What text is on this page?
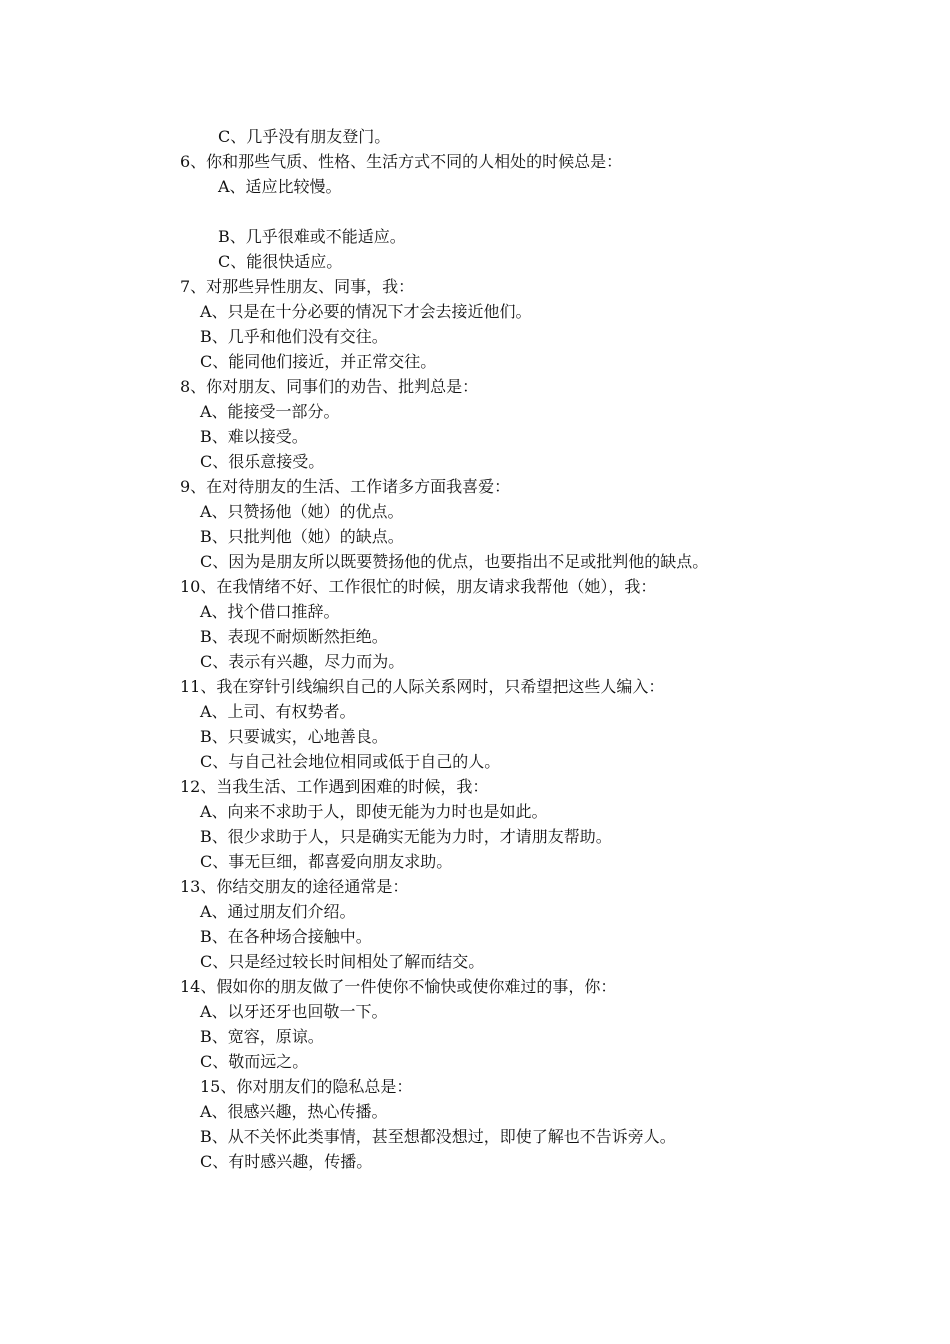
C、几乎没有朋友登门。
6、你和那些气质、性格、生活方式不同的人相处的时候总是：
A、适应比较慢。
B、几乎很难或不能适应。
C、能很快适应。
7、对那些异性朋友、同事，我：
A、只是在十分必要的情况下才会去接近他们。
B、几乎和他们没有交往。
C、能同他们接近，并正常交往。
8、你对朋友、同事们的劝告、批判总是：
A、能接受一部分。
B、难以接受。
C、很乐意接受。
9、在对待朋友的生活、工作诸多方面我喜爱：
A、只赞扬他（她）的优点。
B、只批判他（她）的缺点。
C、因为是朋友所以既要赞扬他的优点，也要指出不足或批判他的缺点。
10、在我情绪不好、工作很忙的时候，朋友请求我帮他（她），我：
A、找个借口推辞。
B、表现不耐烦断然拒绝。
C、表示有兴趣，尽力而为。
11、我在穿针引线编织自己的人际关系网时，只希望把这些人编入：
A、上司、有权势者。
B、只要诚实，心地善良。
C、与自己社会地位相同或低于自己的人。
12、当我生活、工作遇到困难的时候，我：
A、向来不求助于人，即使无能为力时也是如此。
B、很少求助于人，只是确实无能为力时，才请朋友帮助。
C、事无巨细，都喜爱向朋友求助。
13、你结交朋友的途径通常是：
A、通过朋友们介绍。
B、在各种场合接触中。
C、只是经过较长时间相处了解而结交。
14、假如你的朋友做了一件使你不愉快或使你难过的事，你：
A、以牙还牙也回敬一下。
B、宽容，原谅。
C、敬而远之。
15、你对朋友们的隐私总是：
A、很感兴趣，热心传播。
B、从不关怀此类事情，甚至想都没想过，即使了解也不告诉旁人。
C、有时感兴趣，传播。
